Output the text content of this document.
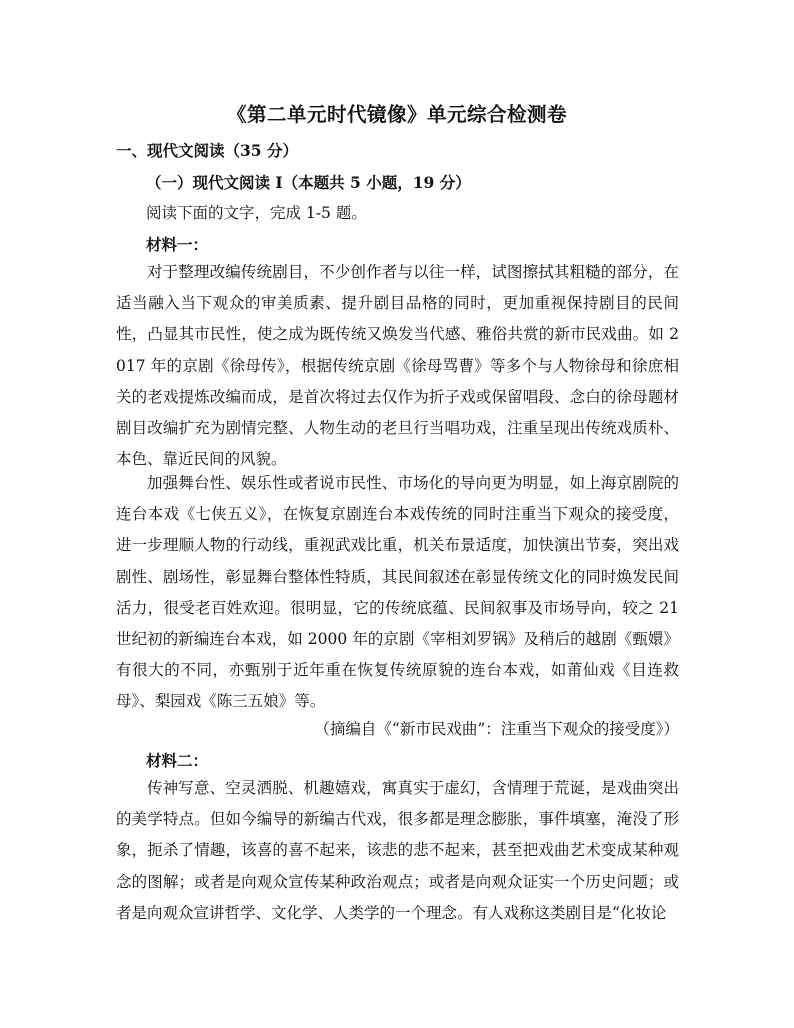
《第二单元时代镜像》单元综合检测卷
一、现代文阅读（35 分）
（一）现代文阅读 I（本题共 5 小题，19 分）
阅读下面的文字，完成 1-5 题。
材料一：
对于整理改编传统剧目，不少创作者与以往一样，试图擦拭其粗糙的部分，在适当融入当下观众的审美质素、提升剧目品格的同时，更加重视保持剧目的民间性，凸显其市民性，使之成为既传统又焕发当代感、雅俗共赏的新市民戏曲。如 2017 年的京剧《徐母传》，根据传统京剧《徐母骂曹》等多个与人物徐母和徐庶相关的老戏提炼改编而成，是首次将过去仅作为折子戏或保留唱段、念白的徐母题材剧目改编扩充为剧情完整、人物生动的老旦行当唱功戏，注重呈现出传统戏质朴、本色、靠近民间的风貌。
加强舞台性、娱乐性或者说市民性、市场化的导向更为明显，如上海京剧院的连台本戏《七侠五义》，在恢复京剧连台本戏传统的同时注重当下观众的接受度，进一步理顺人物的行动线，重视武戏比重，机关布景适度，加快演出节奏，突出戏剧性、剧场性，彰显舞台整体性特质，其民间叙述在彰显传统文化的同时焕发民间活力，很受老百姓欢迎。很明显，它的传统底蕴、民间叙事及市场导向，较之 21 世纪初的新编连台本戏，如 2000 年的京剧《宰相刘罗锅》及稍后的越剧《甄嬛》有很大的不同，亦甄别于近年重在恢复传统原貌的连台本戏，如莆仙戏《目连救母》、梨园戏《陈三五娘》等。
（摘编自《“新市民戏曲”：注重当下观众的接受度》）
材料二：
传神写意、空灵洒脱、机趣嬉戏，寓真实于虚幻，含情理于荒诞，是戏曲突出的美学特点。但如今编导的新编古代戏，很多都是理念膨胀，事件填塞，淹没了形象，扼杀了情趣，该喜的喜不起来，该悲的悲不起来，甚至把戏曲艺术变成某种观念的图解；或者是向观众宣传某种政治观点；或者是向观众证实一个历史问题；或者是向观众宣讲哲学、文化学、人类学的一个理念。有人戏称这类剧目是“化妆论
